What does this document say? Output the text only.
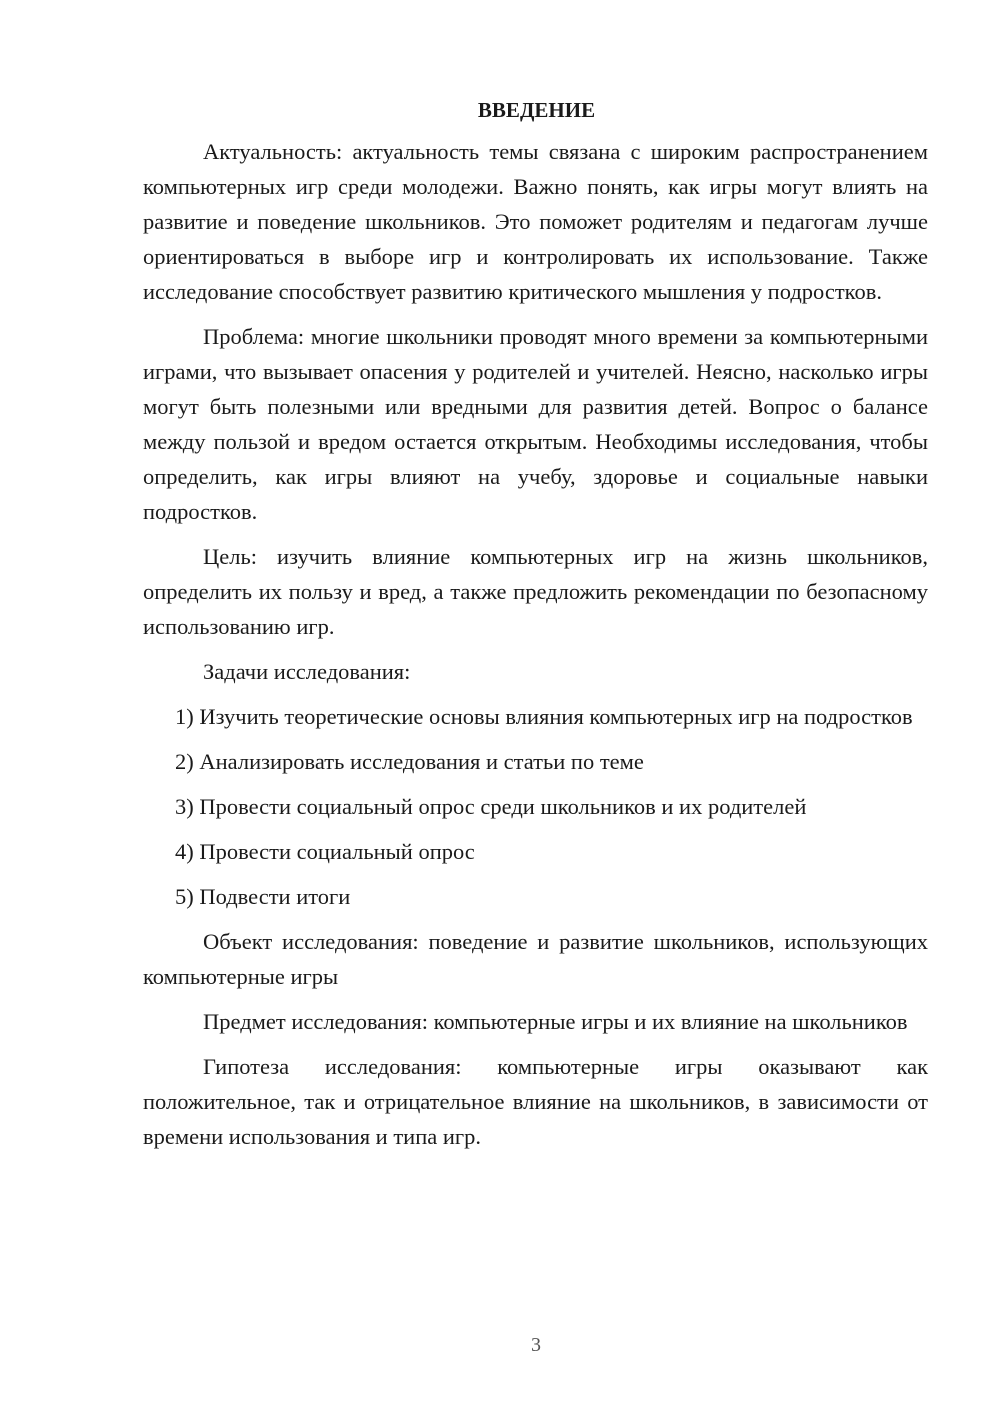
ВВЕДЕНИЕ

Актуальность: актуальность темы связана с широким распространением компьютерных игр среди молодежи. Важно понять, как игры могут влиять на развитие и поведение школьников. Это поможет родителям и педагогам лучше ориентироваться в выборе игр и контролировать их использование. Также исследование способствует развитию критического мышления у подростков.

Проблема: многие школьники проводят много времени за компьютерными играми, что вызывает опасения у родителей и учителей. Неясно, насколько игры могут быть полезными или вредными для развития детей. Вопрос о балансе между пользой и вредом остается открытым. Необходимы исследования, чтобы определить, как игры влияют на учебу, здоровье и социальные навыки подростков.

Цель: изучить влияние компьютерных игр на жизнь школьников, определить их пользу и вред, а также предложить рекомендации по безопасному использованию игр.

Задачи исследования:

1) Изучить теоретические основы влияния компьютерных игр на подростков

2) Анализировать исследования и статьи по теме

3) Провести социальный опрос среди школьников и их родителей

4) Провести социальный опрос

5) Подвести итоги

Объект исследования: поведение и развитие школьников, использующих компьютерные игры

Предмет исследования: компьютерные игры и их влияние на школьников

Гипотеза исследования: компьютерные игры оказывают как положительное, так и отрицательное влияние на школьников, в зависимости от времени использования и типа игр.

3
